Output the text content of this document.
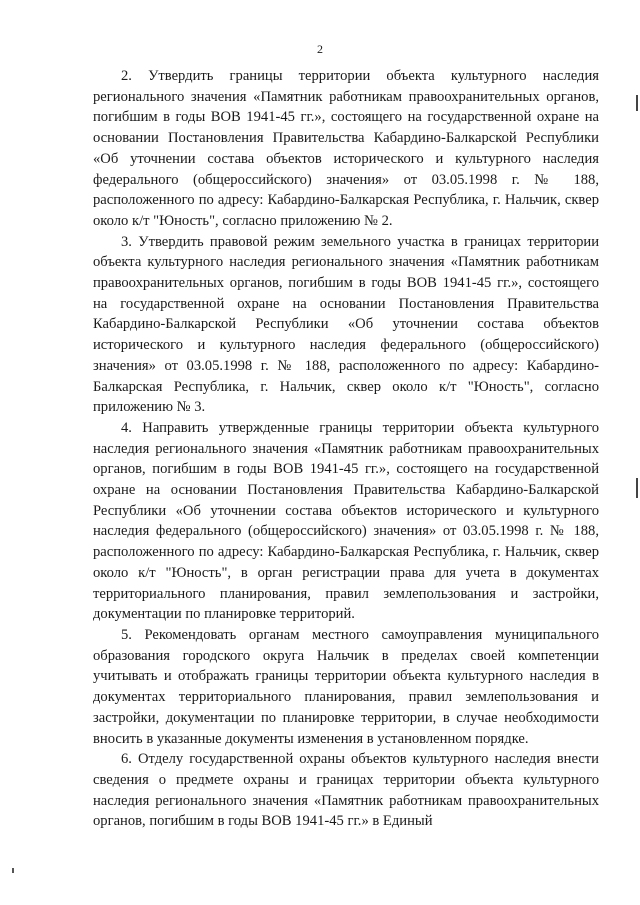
2

2. Утвердить границы территории объекта культурного наследия регионального значения «Памятник работникам правоохранительных органов, погибшим в годы ВОВ 1941-45 гг.», состоящего на государственной охране на основании Постановления Правительства Кабардино-Балкарской Республики «Об уточнении состава объектов исторического и культурного наследия федерального (общероссийского) значения» от 03.05.1998 г. № 188, расположенного по адресу: Кабардино-Балкарская Республика, г. Нальчик, сквер около к/т "Юность", согласно приложению № 2.

3. Утвердить правовой режим земельного участка в границах территории объекта культурного наследия регионального значения «Памятник работникам правоохранительных органов, погибшим в годы ВОВ 1941-45 гг.», состоящего на государственной охране на основании Постановления Правительства Кабардино-Балкарской Республики «Об уточнении состава объектов исторического и культурного наследия федерального (общероссийского) значения» от 03.05.1998 г. № 188, расположенного по адресу: Кабардино-Балкарская Республика, г. Нальчик, сквер около к/т "Юность", согласно приложению № 3.

4. Направить утвержденные границы территории объекта культурного наследия регионального значения «Памятник работникам правоохранительных органов, погибшим в годы ВОВ 1941-45 гг.», состоящего на государственной охране на основании Постановления Правительства Кабардино-Балкарской Республики «Об уточнении состава объектов исторического и культурного наследия федерального (общероссийского) значения» от 03.05.1998 г. № 188, расположенного по адресу: Кабардино-Балкарская Республика, г. Нальчик, сквер около к/т "Юность", в орган регистрации права для учета в документах территориального планирования, правил землепользования и застройки, документации по планировке территорий.

5. Рекомендовать органам местного самоуправления муниципального образования городского округа Нальчик в пределах своей компетенции учитывать и отображать границы территории объекта культурного наследия в документах территориального планирования, правил землепользования и застройки, документации по планировке территории, в случае необходимости вносить в указанные документы изменения в установленном порядке.

6. Отделу государственной охраны объектов культурного наследия внести сведения о предмете охраны и границах территории объекта культурного наследия регионального значения «Памятник работникам правоохранительных органов, погибшим в годы ВОВ 1941-45 гг.» в Единый
